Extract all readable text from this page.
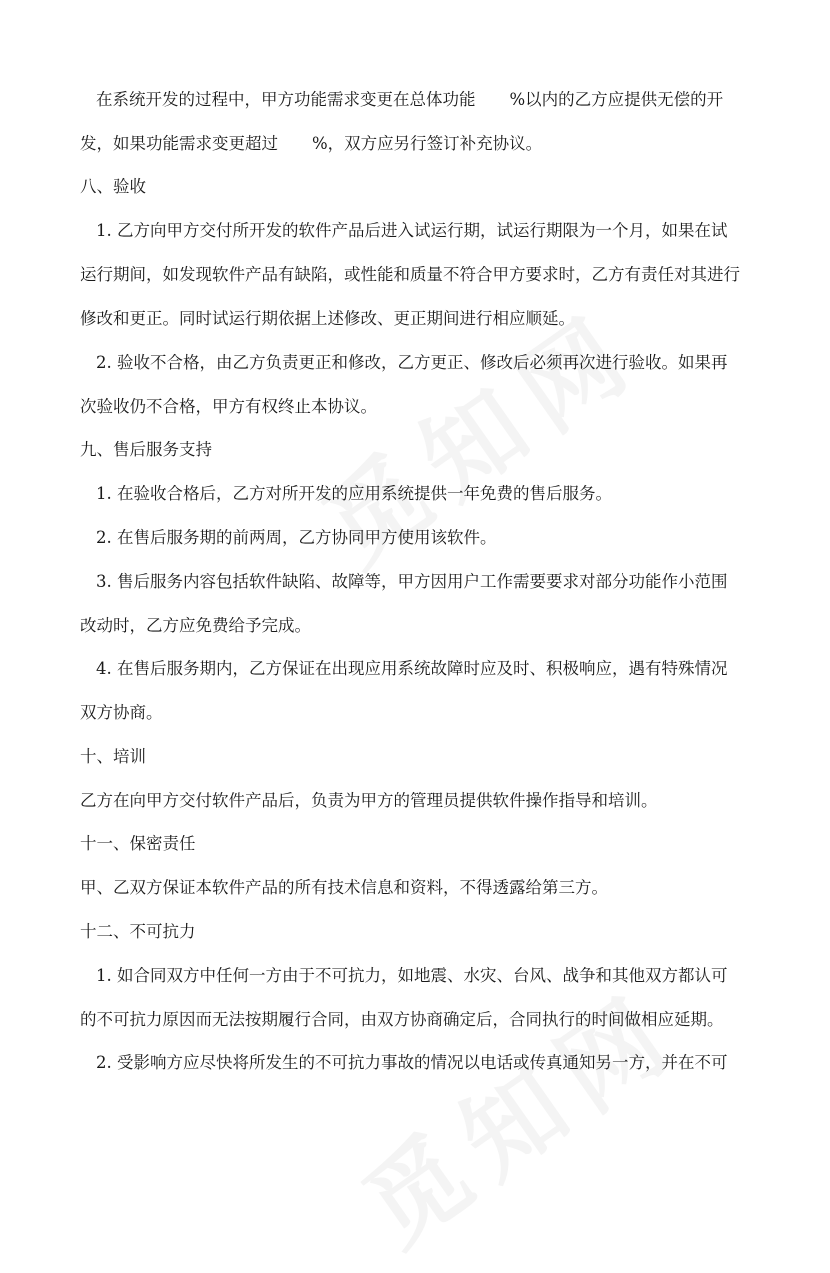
在系统开发的过程中，甲方功能需求变更在总体功能 %以内的乙方应提供无偿的开
发，如果功能需求变更超过 %，双方应另行签订补充协议。
八、验收
1. 乙方向甲方交付所开发的软件产品后进入试运行期，试运行期限为一个月，如果在试
运行期间，如发现软件产品有缺陷，或性能和质量不符合甲方要求时，乙方有责任对其进行
修改和更正。同时试运行期依据上述修改、更正期间进行相应顺延。
2. 验收不合格，由乙方负责更正和修改，乙方更正、修改后必须再次进行验收。如果再
次验收仍不合格，甲方有权终止本协议。
九、售后服务支持
1. 在验收合格后，乙方对所开发的应用系统提供一年免费的售后服务。
2. 在售后服务期的前两周，乙方协同甲方使用该软件。
3. 售后服务内容包括软件缺陷、故障等，甲方因用户工作需要要求对部分功能作小范围
改动时，乙方应免费给予完成。
4. 在售后服务期内，乙方保证在出现应用系统故障时应及时、积极响应，遇有特殊情况
双方协商。
十、培训
乙方在向甲方交付软件产品后，负责为甲方的管理员提供软件操作指导和培训。
十一、保密责任
甲、乙双方保证本软件产品的所有技术信息和资料，不得透露给第三方。
十二、不可抗力
1. 如合同双方中任何一方由于不可抗力，如地震、水灾、台风、战争和其他双方都认可
的不可抗力原因而无法按期履行合同，由双方协商确定后，合同执行的时间做相应延期。
2. 受影响方应尽快将所发生的不可抗力事故的情况以电话或传真通知另一方，并在不可
